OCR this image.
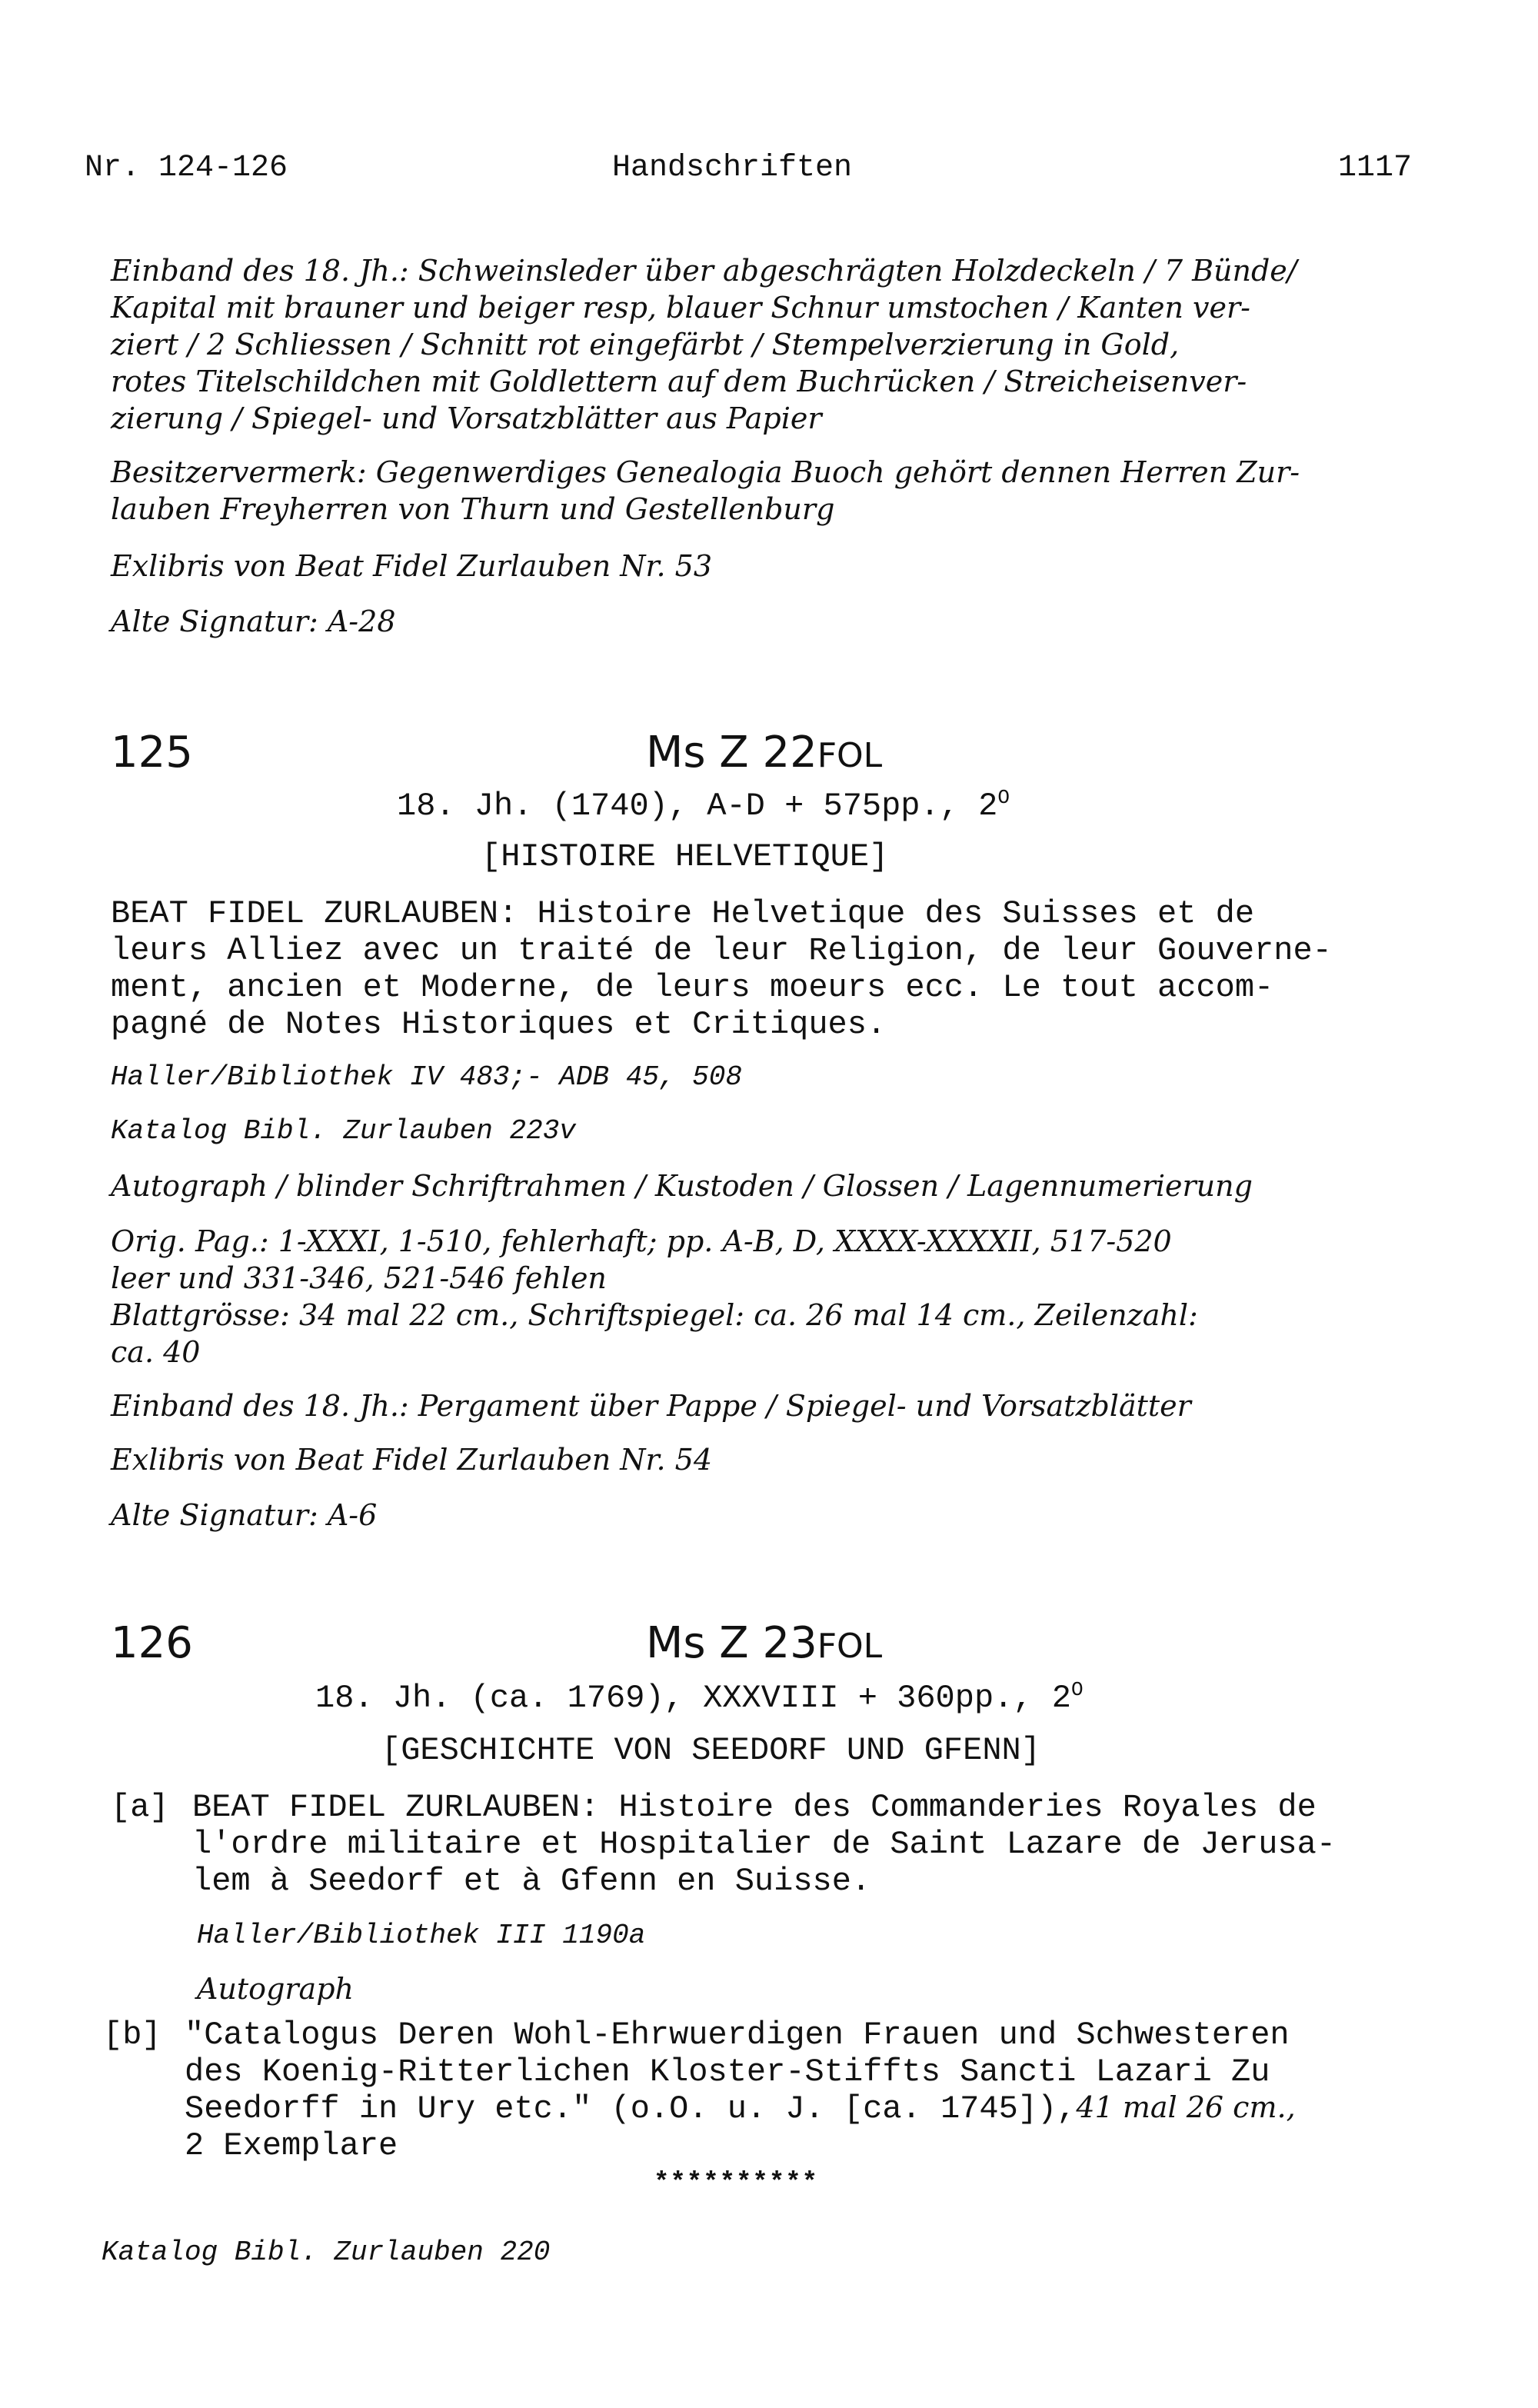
Nr. 124-126	Handschriften	1117

Einband des 18. Jh.: Schweinsleder über abgeschrägten Holzdeckeln / 7 Bünde/

Kapital mit brauner und beiger resp, blauer Schnur umstochen / Kanten ver-

ziert / 2 Schliessen / Schnitt rot eingefärbt / Stempelverzierung in Gold,

rotes Titelschildchen mit Goldlettern auf dem Buchrücken / Streicheisenver-

zierung / Spiegel- und Vorsatzblätter aus Papier

Besitzervermerk: Gegenwerdiges Genealogia Buoch gehört dennen Herren Zur-

lauben Freyherren von Thurn und Gestellenburg

Exlibris von Beat Fidel Zurlauben Nr. 53

Alte Signatur: A-28

125	Ms Z 22FOL

18. Jh. (1740), A-D + 575pp., $2^O$

[HISTOIRE HELVETIQUE]

BEAT FIDEL ZURLAUBEN: Histoire Helvetique des Suisses et de

leurs Alliez avec un traité de leur Religion, de leur Gouverne-

ment, ancien et Moderne, de leurs moeurs ecc. Le tout accom-

pagné de Notes Historiques et Critiques.

Haller/Bibliothek IV 483;- ADB 45, 508

Katalog Bibl. Zurlauben 223v

Autograph / blinder Schriftrahmen / Kustoden / Glossen / Lagennumerierung

Orig. Pag.: 1-XXXI, 1-510, fehlerhaft; pp. A-B, D, XXXX-XXXXII, 517-520

leer und 331-346, 521-546 fehlen

Blattgrösse: 34 mal 22 cm., Schriftspiegel: ca. 26 mal 14 cm., Zeilenzahl:

ca. 40

Einband des 18. Jh.: Pergament über Pappe / Spiegel- und Vorsatzblätter

Exlibris von Beat Fidel Zurlauben Nr. 54

Alte Signatur: A-6

126	Ms Z 23FOL

18. Jh. (ca. 1769), XXXVIII + 360pp., $2^O$

[GESCHICHTE VON SEEDORF UND GFENN]

[a] BEAT FIDEL ZURLAUBEN: Histoire des Commanderies Royales de

l'ordre militaire et Hospitalier de Saint Lazare de Jerusa-

lem à Seedorf et à Gfenn en Suisse.

Haller/Bibliothek III 1190a

Autograph

[b] "Catalogus Deren Wohl-Ehrwuerdigen Frauen und Schwesteren

des Koenig-Ritterlichen Kloster-Stiffts Sancti Lazari Zu

Seedorff in Ury etc." (o.O. u. J. [ca. 1745]),41 mal 26 cm.,

2 Exemplare

**********

Katalog Bibl. Zurlauben 220
